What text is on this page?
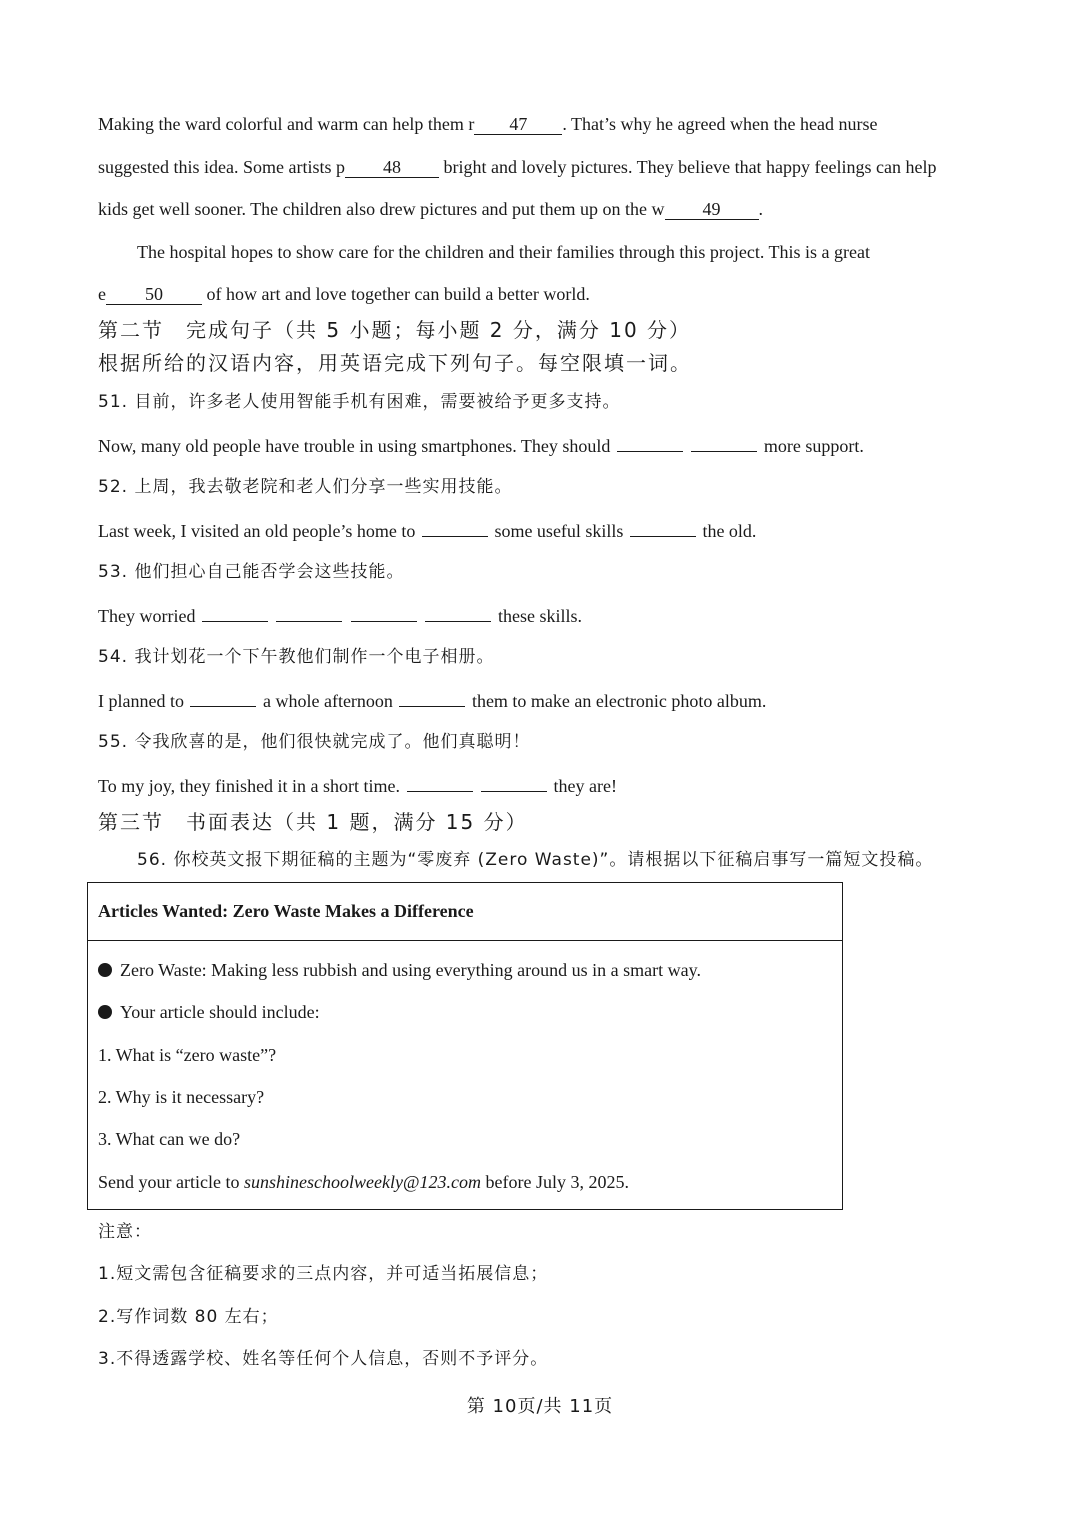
Making the ward colorful and warm can help them r 47 . That’s why he agreed when the head nurse
suggested this idea. Some artists p 48 bright and lovely pictures. They believe that happy feelings can help
kids get well sooner. The children also drew pictures and put them up on the w 49 .
The hospital hopes to show care for the children and their families through this project. This is a great
e 50 of how art and love together can build a better world.
第二节　完成句子（共 5 小题；每小题 2 分，满分 10 分）
根据所给的汉语内容，用英语完成下列句子。每空限填一词。
51. 目前，许多老人使用智能手机有困难，需要被给予更多支持。
Now, many old people have trouble in using smartphones. They should	more support.
52. 上周，我去敬老院和老人们分享一些实用技能。
Last week, I visited an old people’s home to	some useful skills	the old.
53. 他们担心自己能否学会这些技能。
They worried	these skills.
54. 我计划花一个下午教他们制作一个电子相册。
I planned to	a whole afternoon	them to make an electronic photo album.
55. 令我欣喜的是，他们很快就完成了。他们真聪明！
To my joy, they finished it in a short time.	they are!
第三节　书面表达（共 1 题，满分 15 分）
56. 你校英文报下期征稿的主题为“零废弃 (Zero Waste)”。请根据以下征稿启事写一篇短文投稿。
Articles Wanted: Zero Waste Makes a Difference
Zero Waste: Making less rubbish and using everything around us in a smart way.
Your article should include:
1. What is “zero waste”?
2. Why is it necessary?
3. What can we do?
Send your article to sunshineschoolweekly@123.com before July 3, 2025.
注意：
1.短文需包含征稿要求的三点内容，并可适当拓展信息；
2.写作词数 80 左右；
3.不得透露学校、姓名等任何个人信息，否则不予评分。
第 10页/共 11页
